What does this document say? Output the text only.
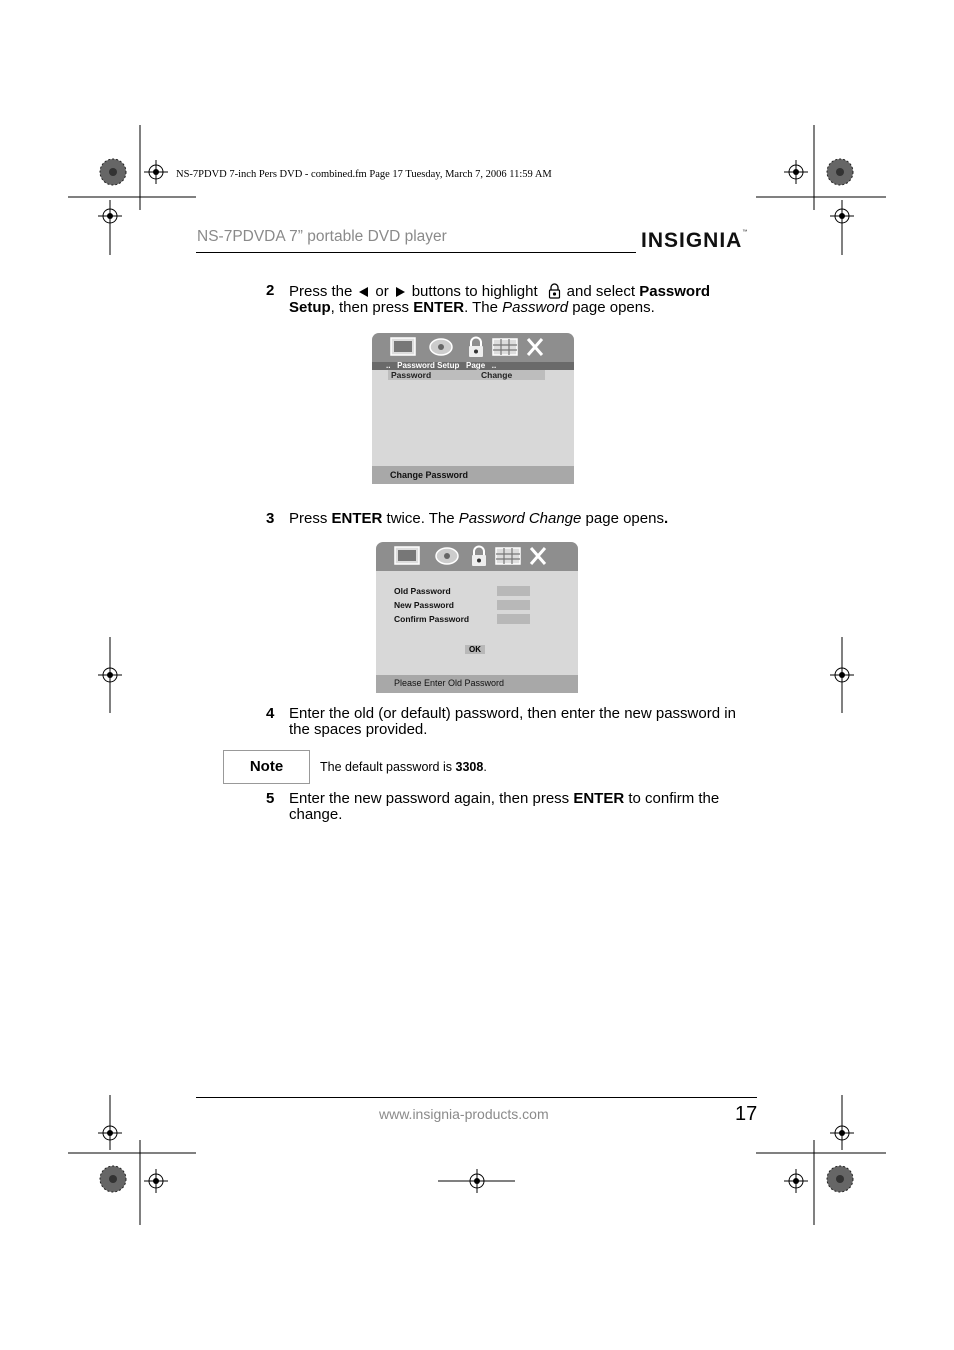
NS-7PDVD 7-inch Pers DVD - combined.fm Page 17 Tuesday, March 7, 2006 11:59 AM
NS-7PDVDA 7” portable DVD player	INSIGNIA™
2 Press the or buttons to highlight and select Password Setup, then press ENTER. The Password page opens.
..   Password Setup   Page   ..
Password	Change
Change Password
3 Press ENTER twice. The Password Change page opens.
Old Password
New Password
Confirm Password
OK
Please Enter Old Password
4 Enter the old (or default) password, then enter the new password in the spaces provided.
Note	The default password is 3308.
5 Enter the new password again, then press ENTER to confirm the change.
www.insignia-products.com	17
